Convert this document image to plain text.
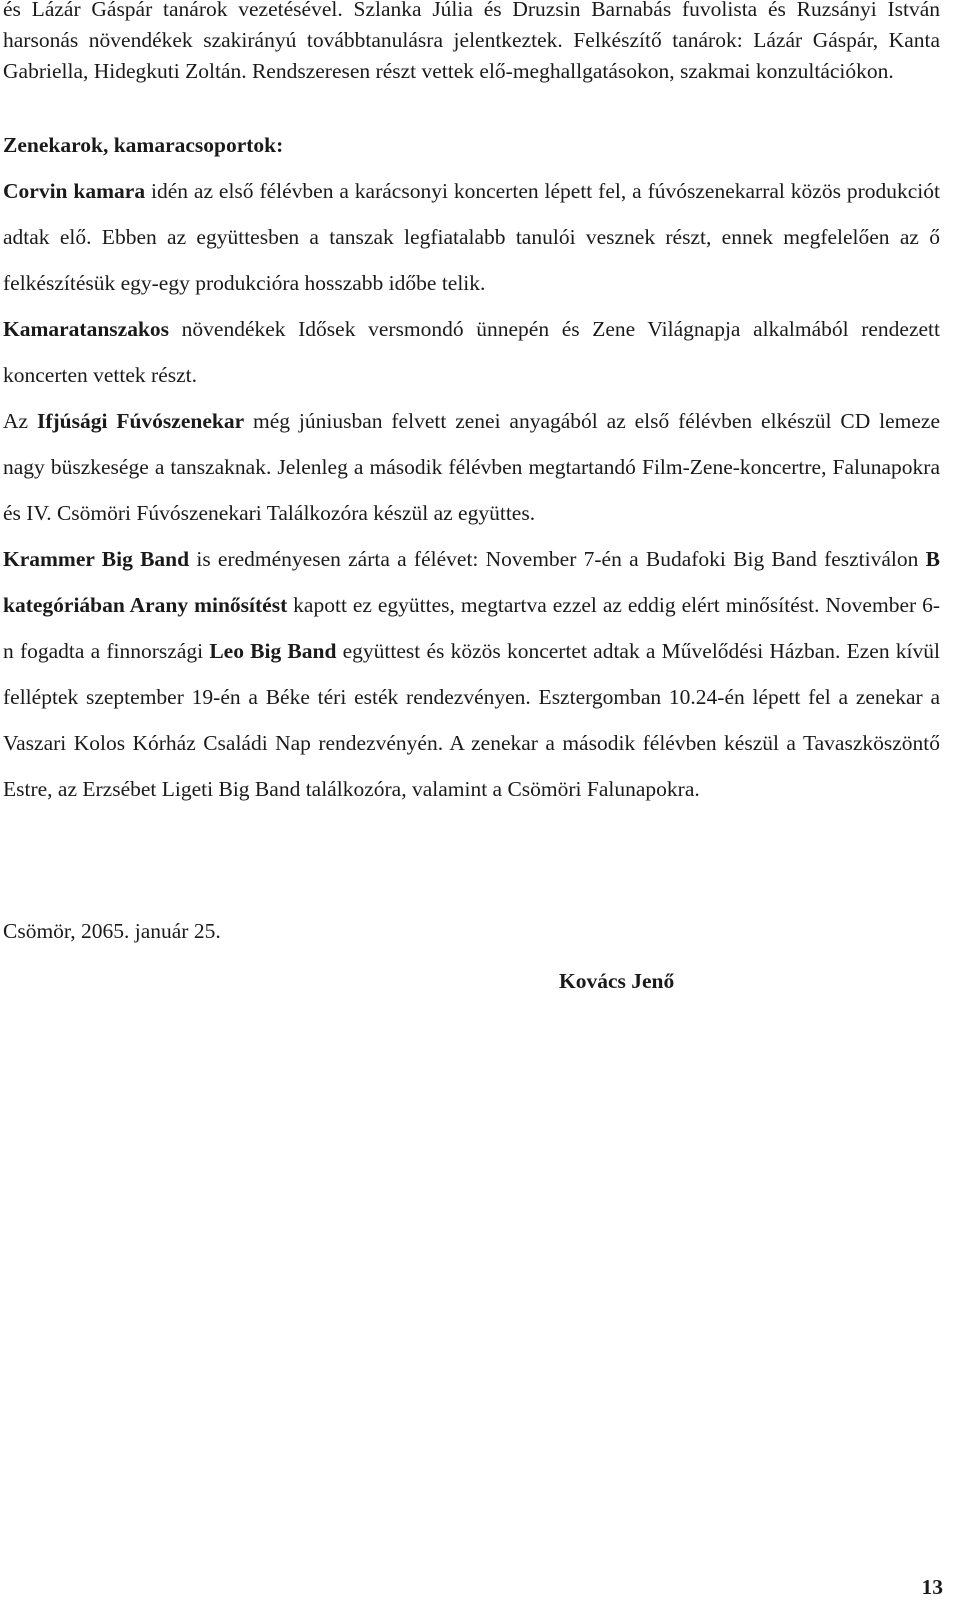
és Lázár Gáspár tanárok vezetésével. Szlanka Júlia és Druzsin Barnabás fuvolista és Ruzsányi István harsonás növendékek szakirányú továbbtanulásra jelentkeztek. Felkészítő tanárok: Lázár Gáspár, Kanta Gabriella, Hidegkuti Zoltán. Rendszeresen részt vettek elő-meghallgatásokon, szakmai konzultációkon.

Zenekarok, kamaracsoportok:

Corvin kamara idén az első félévben a karácsonyi koncerten lépett fel, a fúvószenekarral közös produkciót adtak elő. Ebben az együttesben a tanszak legfiatalabb tanulói vesznek részt, ennek megfelelően az ő felkészítésük egy-egy produkcióra hosszabb időbe telik.

Kamaratanszakos növendékek Idősek versmondó ünnepén és Zene Világnapja alkalmából rendezett koncerten vettek részt.

Az Ifjúsági Fúvószenekar még júniusban felvett zenei anyagából az első félévben elkészül CD lemeze nagy büszkesége a tanszaknak. Jelenleg a második félévben megtartandó Film-Zene-koncertre, Falunapokra és IV. Csömöri Fúvószenekari Találkozóra készül az együttes.

Krammer Big Band is eredményesen zárta a félévet: November 7-én a Budafoki Big Band fesztiválon B kategóriában Arany minősítést kapott ez együttes, megtartva ezzel az eddig elért minősítést. November 6-n fogadta a finnországi Leo Big Band együttest és közös koncertet adtak a Művelődési Házban. Ezen kívül felléptek szeptember 19-én a Béke téri esték rendezvényen. Esztergomban 10.24-én lépett fel a zenekar a Vaszari Kolos Kórház Családi Nap rendezvényén. A zenekar a második félévben készül a Tavaszköszöntő Estre, az Erzsébet Ligeti Big Band találkozóra, valamint a Csömöri Falunapokra.

Csömör, 2065. január 25.

Kovács Jenő

13
